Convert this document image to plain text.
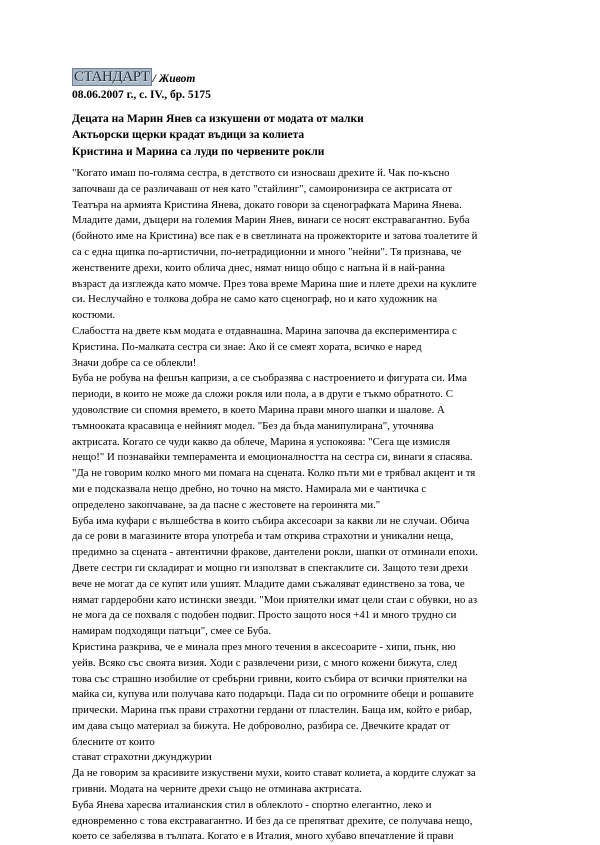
СТАНДАРТ / Живот
08.06.2007 г., с. IV., бр. 5175
Децата на Марин Янев са изкушени от модата от малки
Актьорски щерки крадат въдици за колиета
Кристина и Марина са луди по червените рокли
"Когато имаш по-голяма сестра, в детството си износваш дрехите й. Чак по-късно
започваш да се различаваш от нея като "стайлинг", самоиронизира се актрисата от
Театъра на армията Кристина Янева, докато говори за сценографката Марина Янева.
Младите дами, дъщери на големия Марин Янев, винаги се носят екстравагантно. Буба
(бойното име на Кристина) все пак е в светлината на прожекторите и затова тоалетите й
са с една щипка по-артистични, по-нетрадиционни и много "нейни". Тя признава, че
женствените дрехи, които облича днес, нямат нищо общо с напъна й в най-ранна
възраст да изглежда като момче. През това време Марина шие и плете дрехи на куклите
си. Неслучайно е толкова добра не само като сценограф, но и като художник на
костюми.
Слабостта на двете към модата е отдавнашна. Марина започва да експериментира с
Кристина. По-малката сестра си знае: Ако й се смеят хората, всичко е наред
Значи добре са се облекли!
Буба не робува на фешън капризи, а се съобразява с настроението и фигурата си. Има
периоди, в които не може да сложи рокля или пола, а в други е тъкмо обратното. С
удоволствие си спомня времето, в което Марина прави много шапки и шалове. А
тъмнооката красавица е нейният модел. "Без да бъда манипулирана", уточнява
актрисата. Когато се чуди какво да облече, Марина я успокоява: "Сега ще измисля
нещо!" И познавайки темпераментa и емоционалността на сестра си, винаги я спасява.
"Да не говорим колко много ми помага на сцената. Колко пъти ми е трябвал акцент и тя
ми е подсказвала нещо дребно, но точно на място. Намирала ми е чантичка с
определено закопчаване, за да пасне с жестовете на героинята ми."
Буба има куфари с вълшебства в които събира аксесоари за какви ли не случаи. Обича
да се рови в магазините втора употреба и там открива страхотни и уникални неща,
предимно за сцената - автентични фракове, дантелени рокли, шапки от отминали епохи.
Двете сестри ги складират и мощно ги използват в спектаклите си. Защото тези дрехи
вече не могат да се купят или ушият. Младите дами съжаляват единствено за това, че
нямат гардеробни като истински звезди. "Мои приятелки имат цели стаи с обувки, но аз
не мога да се похваля с подобен подвиг. Просто защото нося +41 и много трудно си
намирам подходящи патъци", смее се Буба.
Кристина разкрива, че е минала през много течения в аксесоарите - хипи, пънк, ню
уейв. Всяко със своята визия. Ходи с развлечени ризи, с много кожени бижута, след
това със страшно изобилие от сребърни гривни, които събира от всички приятелки на
майка си, купува или получава като подаръци. Пада си по огромните обеци и рошавите
прически. Марина пък прави страхотни гердани от пластелин. Баща им, който е рибар,
им дава също материал за бижута. Не доброволно, разбира се. Двечките крадат от
блесните от които
стават страхотни джунджурии
Да не говорим за красивите изкуствени мухи, които стават колиета, а кордите служат за
гривни. Модата на черните дрехи също не отминава актрисата.
Буба Янева харесва италианския стил в облеклото - спортно елегантно, леко и
едновременно с това екстравагантно. И без да се препятват дрехите, се получава нещо,
което се забелязва в тълпата. Когато е в Италия, много хубаво впечатление й прави
